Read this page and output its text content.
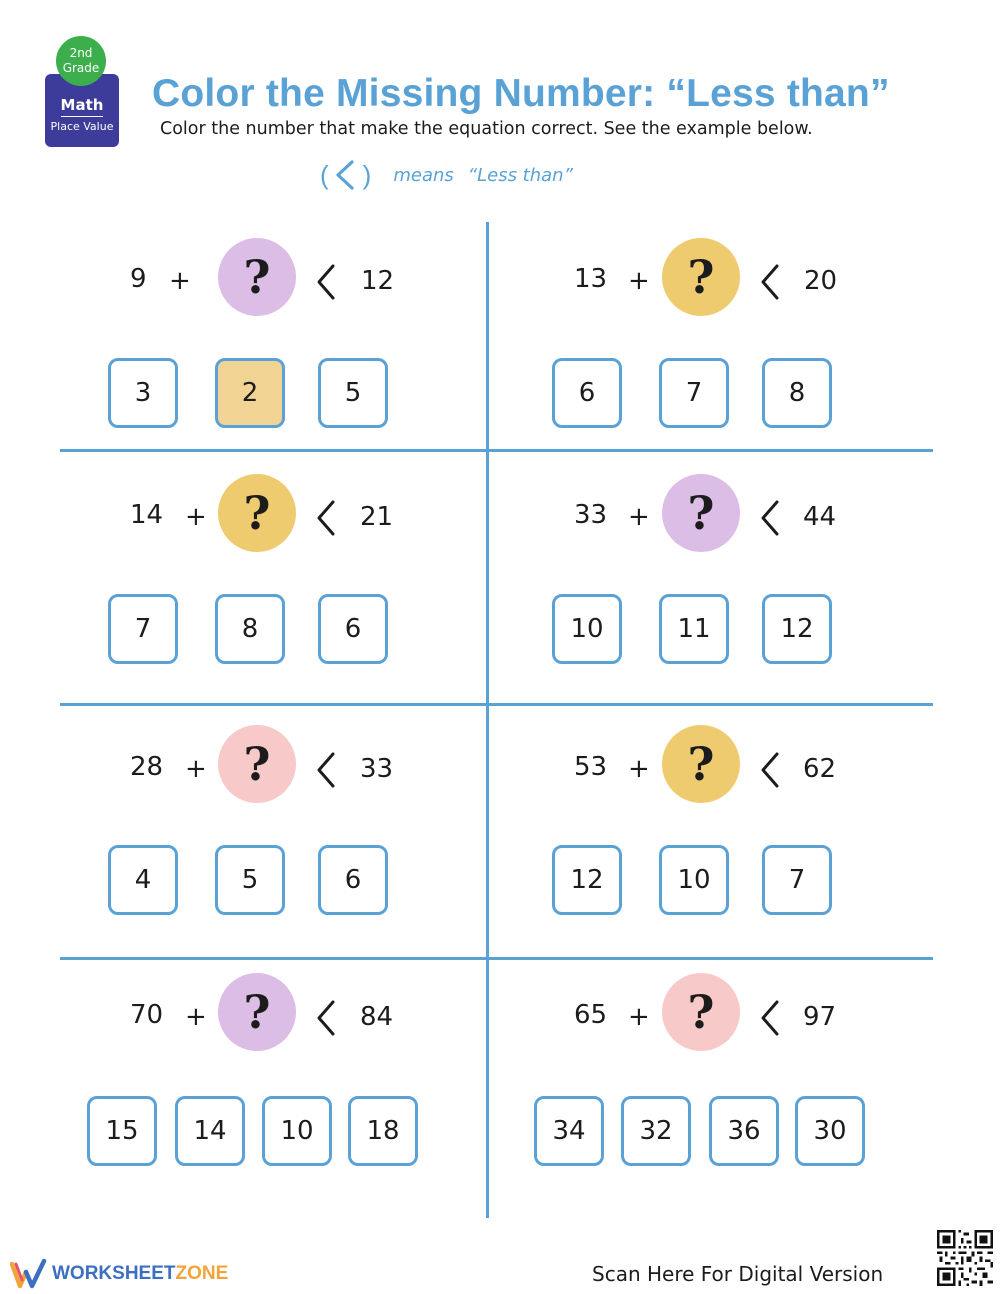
Math
Place Value
2nd
Grade
Color the Missing Number: “Less than”
Color the number that make the equation correct. See the example below.
( ) means “Less than”
9 +	?	12
3	2	5
13 + ?	20
6	7	8
14 + ?	21
7	8	6
33 + ?	44
10	11	12
28 + ?	33
4	5	6
53 + ?	62
12	10	7
70 + ?	84
15	14	10	18
65 + ?	97
34	32	36	30
WORKSHEET ZONE	Scan Here For Digital Version
